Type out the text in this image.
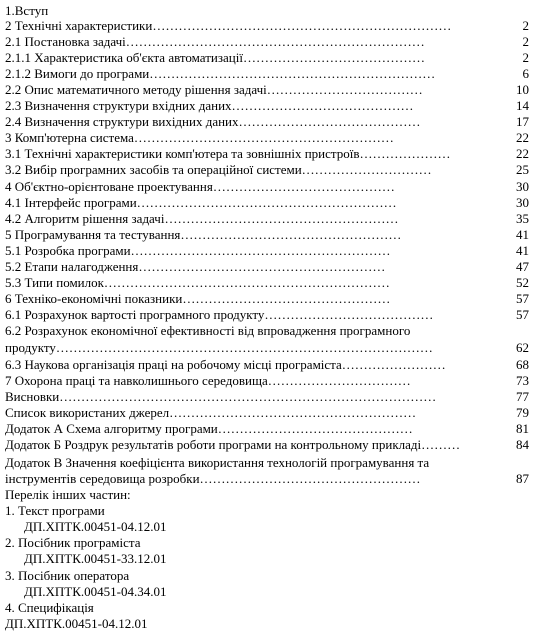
1.Вступ
2 Технічні характеристики……………………………………………………………	2
2.1 Постановка задачі……………………………………………………………	2
2.1.1 Характеристика об'єкта автоматизації……………………………………	2
2.1.2 Вимоги до програми…………………………………………………………	6
2.2 Опис математичного методу рішення задачі………………………………	10
2.3 Визначення структури вхідних даних……………………………………	14
2.4 Визначення структури вихідних даних……………………………………	17
3 Комп'ютерна система……………………………………………………	22
3.1 Технічні характеристики комп'ютера та зовнішніх пристроїв…………………	22
3.2 Вибір програмних засобів та операційної системи…………………………	25
4 Об'єктно-орієнтоване проектування……………………………………	30
4.1 Інтерфейс програми……………………………………………………	30
4.2 Алгоритм рішення задачі………………………………………………	35
5 Програмування та тестування……………………………………………	41
5.1 Розробка програми……………………………………………………	41
5.2 Етапи налагодження…………………………………………………	47
5.3 Типи помилок…………………………………………………………	52
6 Техніко-економічні показники…………………………………………	57
6.1 Розрахунок вартості програмного продукту…………………………………	57
6.2 Розрахунок економічної ефективності від впровадження програмного
продукту……………………………………………………………………………	62
6.3 Наукова організація праці на робочому місці програміста……………………	68
7 Охорона праці та навколишнього середовища……………………………	73
Висновки……………………………………………………………………………	77
Список використаних джерел…………………………………………………	79
Додаток А Схема алгоритму програми………………………………………	81
Додаток Б Роздрук результатів роботи програми на контрольному прикладі………	84
Додаток В Значення коефіцієнта використання технологій програмування та
інструментів середовища розробки……………………………………………	87
Перелік інших частин:
1. Текст програми
ДП.ХПТК.00451-04.12.01
2. Посібник програміста
ДП.ХПТК.00451-33.12.01
3. Посібник оператора
ДП.ХПТК.00451-04.34.01
4. Специфікація
ДП.ХПТК.00451-04.12.01
